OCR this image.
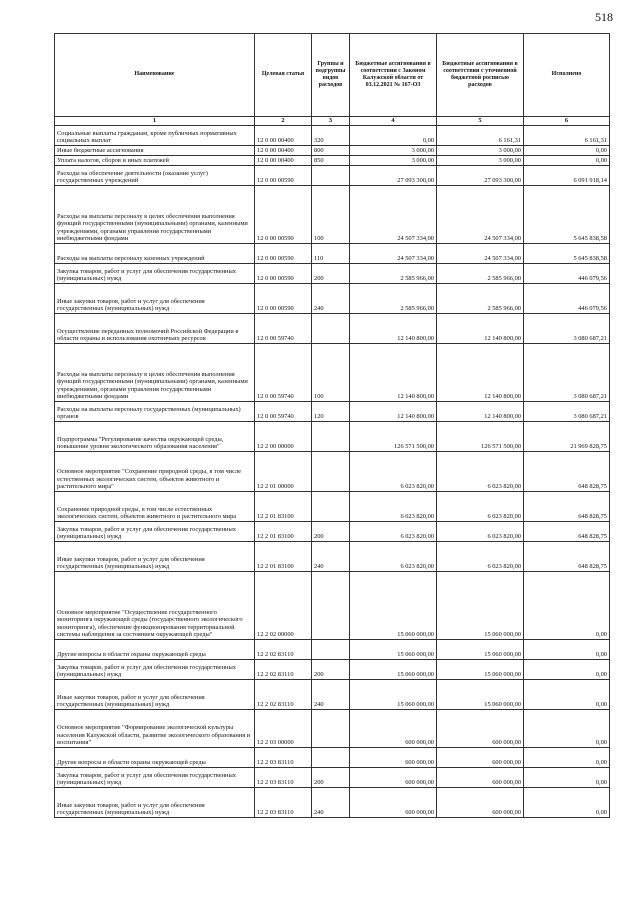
518
Наименование	Целевая статья	Группы и подгруппы видов расходов	Бюджетные ассигнования в соответствии с Законом Калужской области от 03.12.2021 № 167-ОЗ	Бюджетные ассигнования в соответствии с уточненной бюджетной росписью расходов	Исполнено
1	2	3	4	5	6
Социальные выплаты гражданам, кроме публичных нормативных социальных выплат	12 0 00 00400	320	0,00	6 161,31	6 161,31
Иные бюджетные ассигнования	12 0 00 00400	800	3 000,00	3 000,00	0,00
Уплата налогов, сборов и иных платежей	12 0 00 00400	850	3 000,00	3 000,00	0,00
Расходы на обеспечение деятельности (оказание услуг) государственных учреждений	12 0 00 00590		27 093 300,00	27 093 300,00	6 091 918,14
Расходы на выплаты персоналу в целях обеспечения выполнения функций государственными (муниципальными) органами, казенными учреждениями, органами управления государственными внебюджетными фондами	12 0 00 00590	100	24 507 334,00	24 507 334,00	5 645 838,58
Расходы на выплаты персоналу казенных учреждений	12 0 00 00590	110	24 507 334,00	24 507 334,00	5 645 838,58
Закупка товаров, работ и услуг для обеспечения государственных (муниципальных) нужд	12 0 00 00590	200	2 585 966,00	2 585 966,00	446 079,56
Иные закупки товаров, работ и услуг для обеспечения государственных (муниципальных) нужд	12 0 00 00590	240	2 585 966,00	2 585 966,00	446 079,56
Осуществление переданных полномочий Российской Федерации в области охраны и использования охотничьих ресурсов	12 0 00 59740		12 140 800,00	12 140 800,00	3 080 687,21
Расходы на выплаты персоналу в целях обеспечения выполнения функций государственными (муниципальными) органами, казенными учреждениями, органами управления государственными внебюджетными фондами	12 0 00 59740	100	12 140 800,00	12 140 800,00	3 080 687,21
Расходы на выплаты персоналу государственных (муниципальных) органов	12 0 00 59740	120	12 140 800,00	12 140 800,00	3 080 687,21
Подпрограмма "Регулирование качества окружающей среды, повышение уровня экологического образования населения"	12 2 00 00000		126 571 500,00	126 571 500,00	21 969 828,75
Основное мероприятие "Сохранение природной среды, в том числе естественных экологических систем, объектов животного и растительного мира"	12 2 01 00000		6 023 820,00	6 023 820,00	648 828,75
Сохранение природной среды, в том числе естественных экологических систем, объектов животного и растительного мира	12 2 01 83100		6 023 820,00	6 023 820,00	648 828,75
Закупка товаров, работ и услуг для обеспечения государственных (муниципальных) нужд	12 2 01 83100	200	6 023 820,00	6 023 820,00	648 828,75
Иные закупки товаров, работ и услуг для обеспечения государственных (муниципальных) нужд	12 2 01 83100	240	6 023 820,00	6 023 820,00	648 828,75
Основное мероприятие "Осуществление государственного мониторинга окружающей среды (государственного экологического мониторинга), обеспечение функционирования территориальной системы наблюдения за состоянием окружающей среды"	12 2 02 00000		15 060 000,00	15 060 000,00	0,00
Другие вопросы в области охраны окружающей среды	12 2 02 83110		15 060 000,00	15 060 000,00	0,00
Закупка товаров, работ и услуг для обеспечения государственных (муниципальных) нужд	12 2 02 83110	200	15 060 000,00	15 060 000,00	0,00
Иные закупки товаров, работ и услуг для обеспечения государственных (муниципальных) нужд	12 2 02 83110	240	15 060 000,00	15 060 000,00	0,00
Основное мероприятие "Формирование экологической культуры населения Калужской области, развитие экологического образования и воспитания"	12 2 03 00000		600 000,00	600 000,00	0,00
Другие вопросы в области охраны окружающей среды	12 2 03 83110		600 000,00	600 000,00	0,00
Закупка товаров, работ и услуг для обеспечения государственных (муниципальных) нужд	12 2 03 83110	200	600 000,00	600 000,00	0,00
Иные закупки товаров, работ и услуг для обеспечения государственных (муниципальных) нужд	12 2 03 83110	240	600 000,00	600 000,00	0,00
